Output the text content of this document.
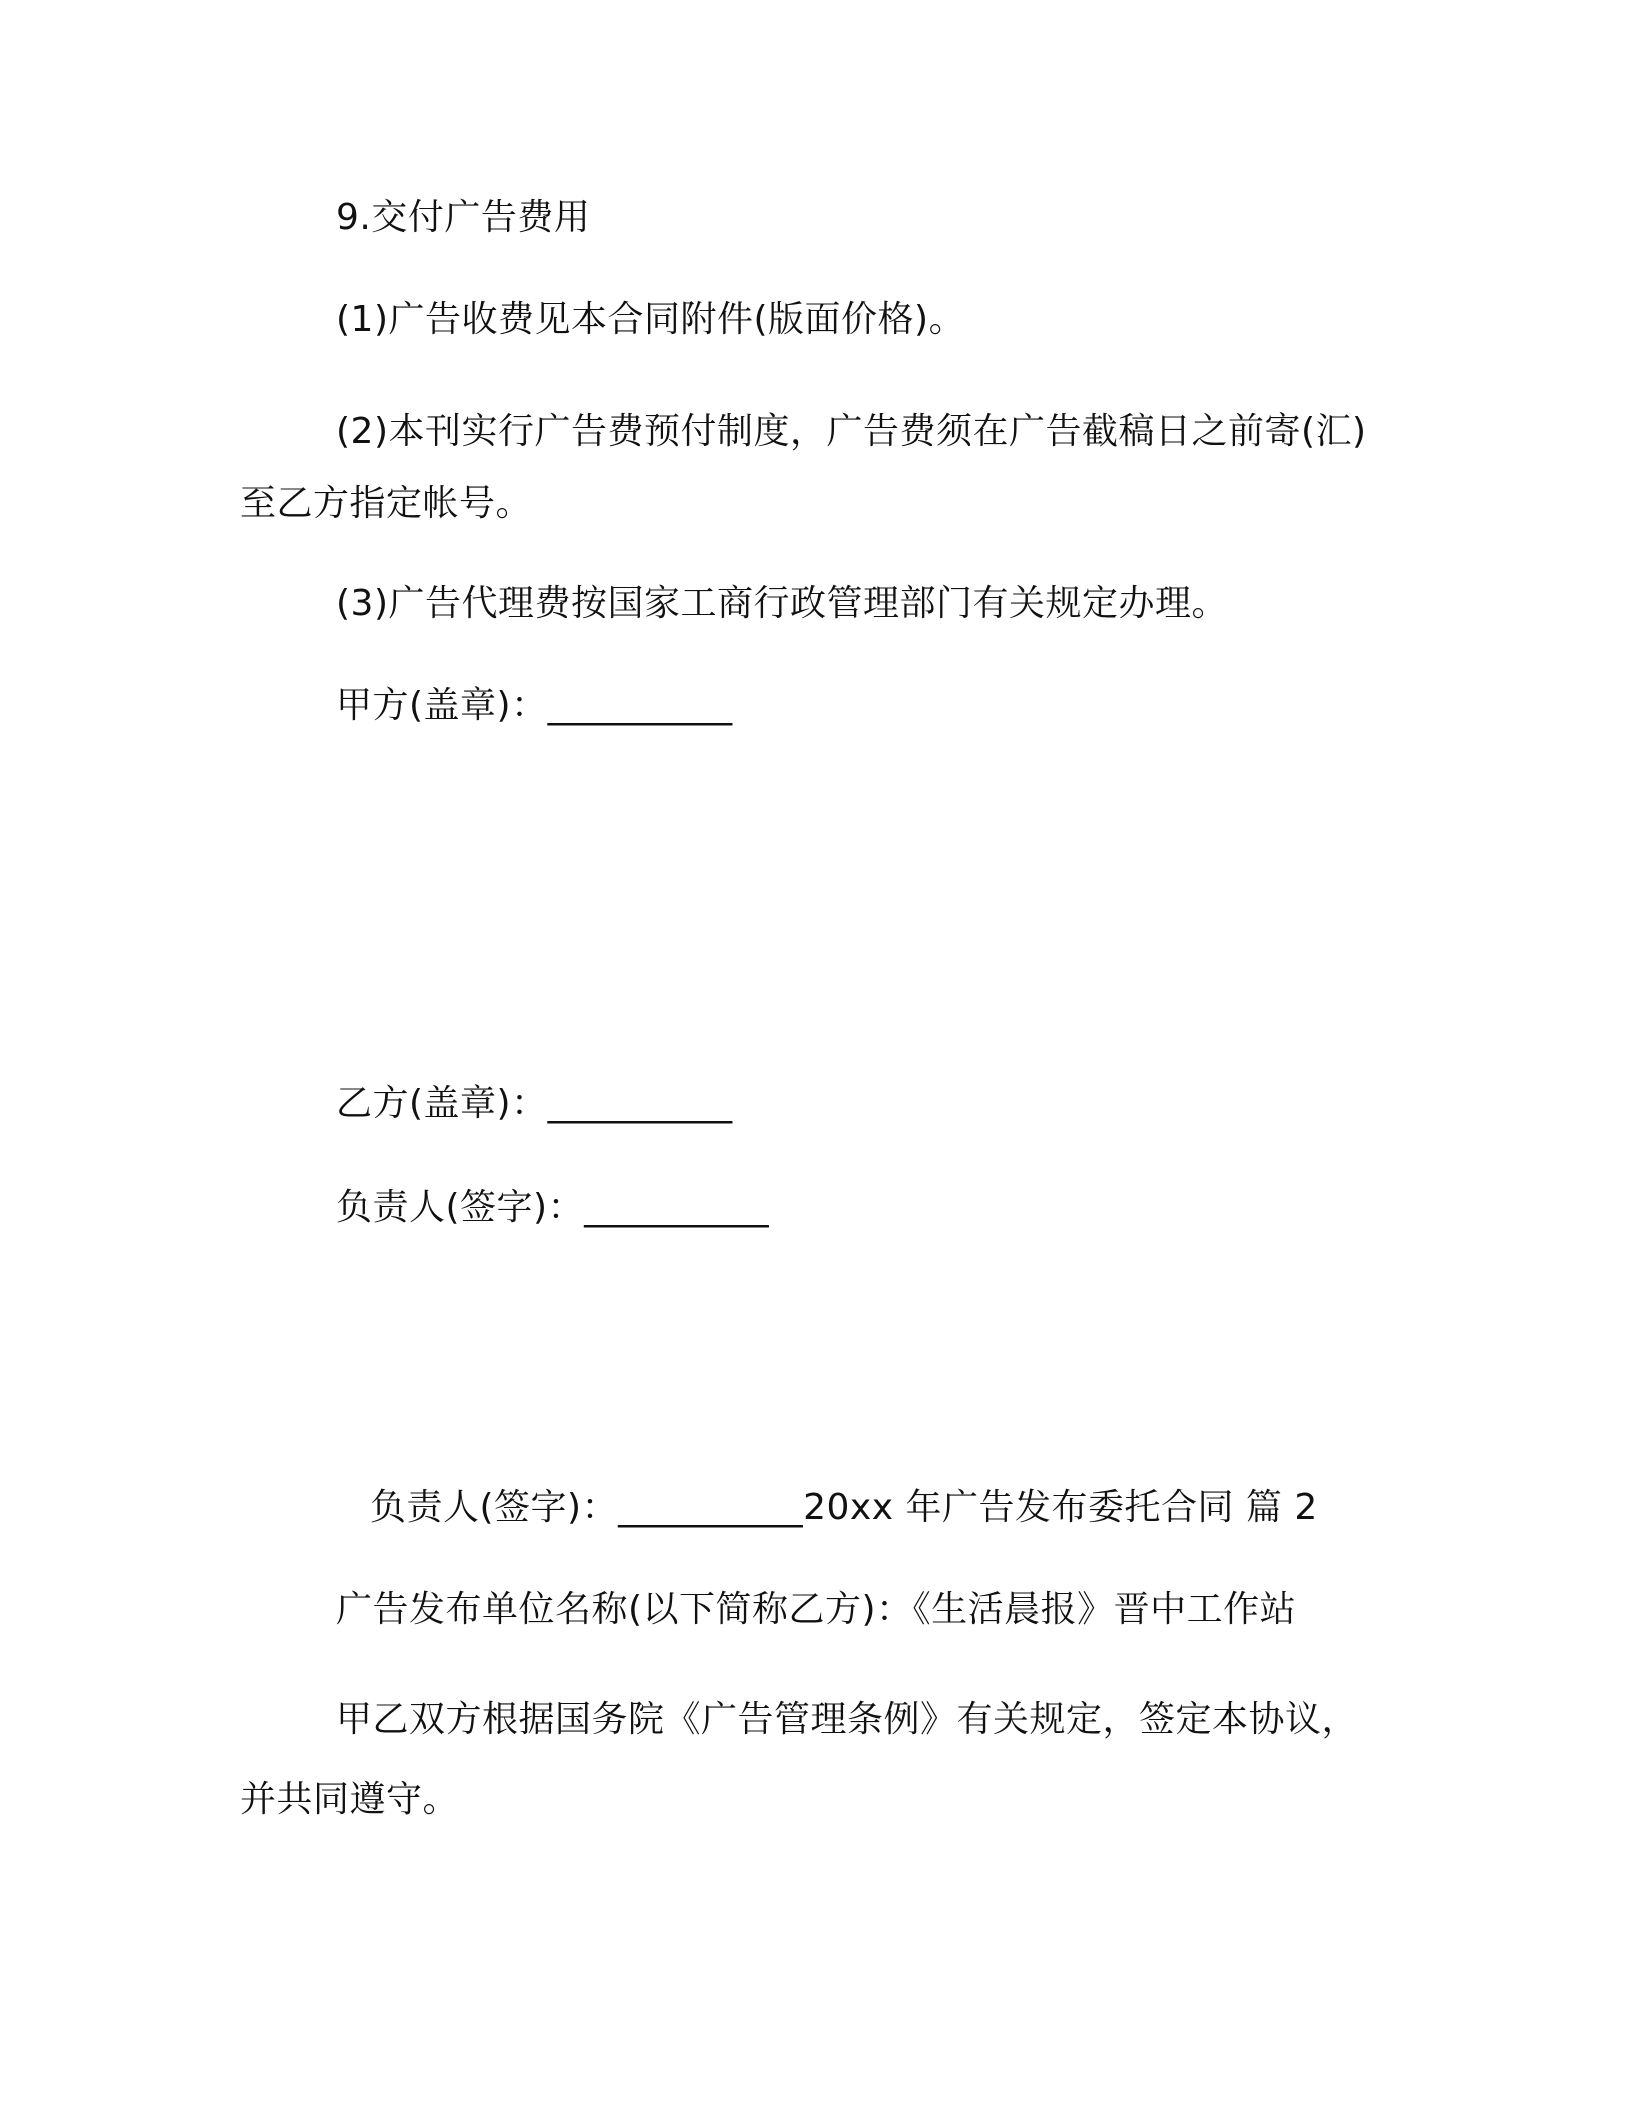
9.交付广告费用
(1)广告收费见本合同附件(版面价格)。
(2)本刊实行广告费预付制度，广告费须在广告截稿日之前寄(汇)至乙方指定帐号。
(3)广告代理费按国家工商行政管理部门有关规定办理。
甲方(盖章)：__________
乙方(盖章)：__________
负责人(签字)：__________
负责人(签字)：__________20xx 年广告发布委托合同 篇 2
广告发布单位名称(以下简称乙方)：《生活晨报》晋中工作站
甲乙双方根据国务院《广告管理条例》有关规定，签定本协议，并共同遵守。
